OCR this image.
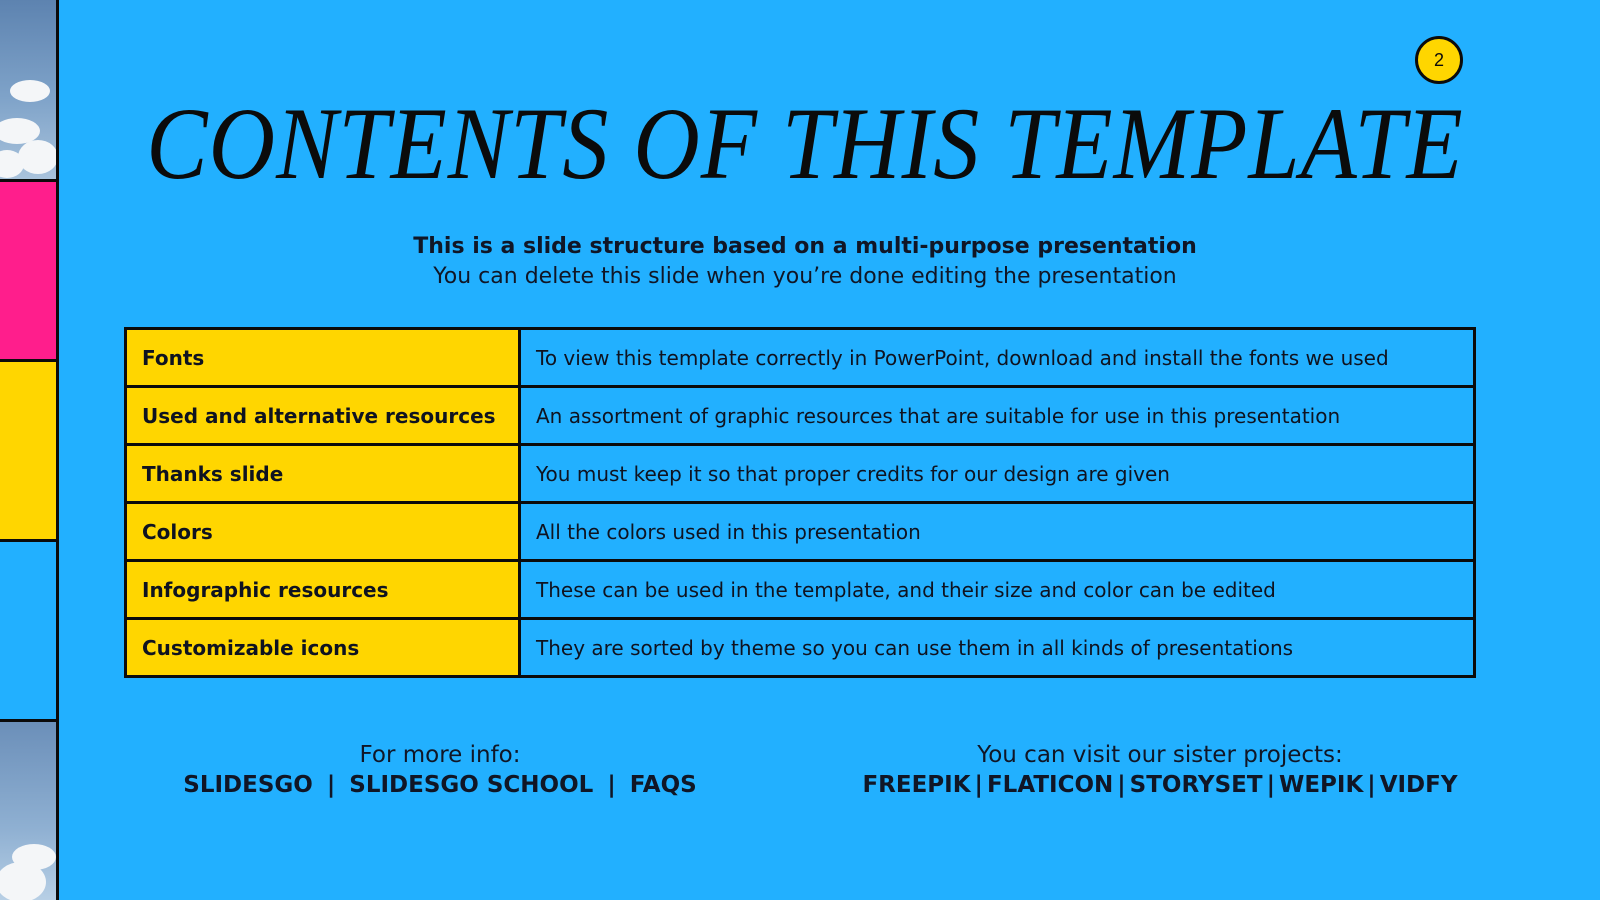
2
CONTENTS OF THIS TEMPLATE
This is a slide structure based on a multi-purpose presentation
You can delete this slide when you’re done editing the presentation
Fonts	To view this template correctly in PowerPoint, download and install the fonts we used
Used and alternative resources	An assortment of graphic resources that are suitable for use in this presentation
Thanks slide	You must keep it so that proper credits for our design are given
Colors	All the colors used in this presentation
Infographic resources	These can be used in the template, and their size and color can be edited
Customizable icons	They are sorted by theme so you can use them in all kinds of presentations
For more info:
SLIDESGO | SLIDESGO SCHOOL | FAQS
You can visit our sister projects:
FREEPIK | FLATICON | STORYSET | WEPIK | VIDFY
